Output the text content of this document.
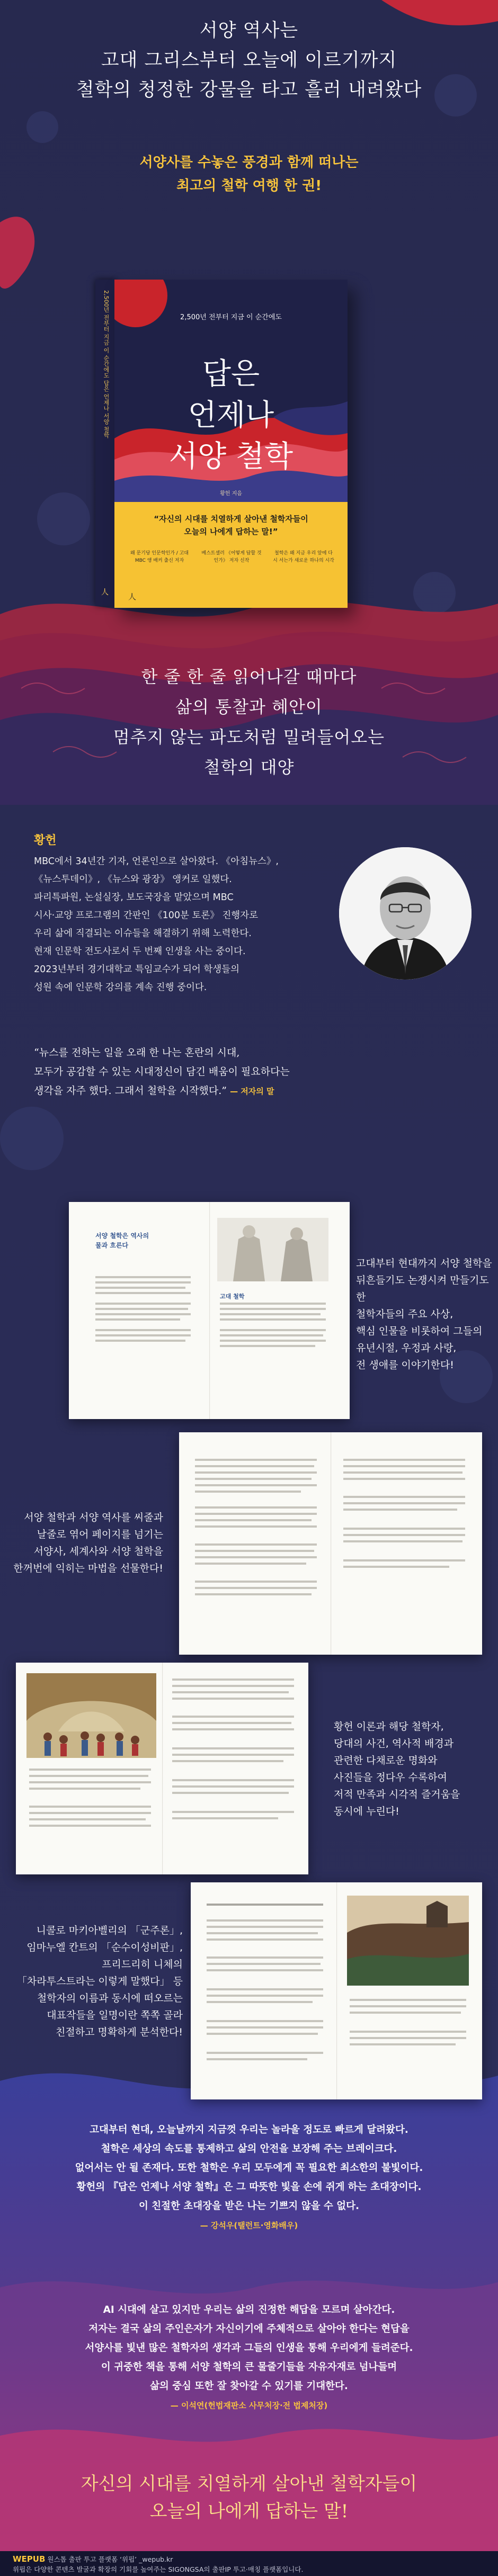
서양 역사는
고대 그리스부터 오늘에 이르기까지
철학의 청정한 강물을 타고 흘러 내려왔다
서양사를 수놓은 풍경과 함께 떠나는
최고의 철학 여행 한 권!
2,500년 전부터 지금 이 순간에도 답은 언제나 서양 철학
人
2,500년 전부터 지금 이 순간에도
답은
언제나
서양 철학
황헌 지음
“자신의 시대를 치열하게 살아낸 철학자들이
오늘의 나에게 답하는 말!”
왜 문기당 인문학인가 / 고대 MBC 앵 배커 출신 저자
베스트셀러 《어떻게 답할 것인가》 저자 신작
철학은 왜 지금 우리 앞에 다시 서는가 새로운 하나의 시각
人
한 줄 한 줄 읽어나갈 때마다
삶의 통찰과 혜안이
멈추지 않는 파도처럼 밀려들어오는
철학의 대양
황헌
MBC에서 34년간 기자, 언론인으로 살아왔다. 《아침뉴스》,
《뉴스투데이》, 《뉴스와 광장》 앵커로 일했다.
파리특파원, 논설실장, 보도국장을 맡았으며 MBC
시사·교양 프로그램의 간판인 《100분 토론》 진행자로
우리 삶에 직결되는 이슈들을 해결하기 위해 노력한다.
현재 인문학 전도사로서 두 번째 인생을 사는 중이다.
2023년부터 경기대학교 특임교수가 되어 학생들의
성원 속에 인문학 강의를 계속 진행 중이다.
“뉴스를 전하는 일을 오래 한 나는 혼란의 시대,
모두가 공감할 수 있는 시대정신이 담긴 배움이 필요하다는
생각을 자주 했다. 그래서 철학을 시작했다.” — 저자의 말
서양 철학은 역사의 물과 흐른다
고대 철학
고대부터 현대까지 서양 철학을
뒤흔들기도 논쟁시켜 만들기도 한
철학자들의 주요 사상,
핵심 인물을 비롯하여 그들의
유년시절, 우정과 사랑,
전 생애를 이야기한다!
서양 철학과 서양 역사를 씨줄과
날줄로 엮어 페이지를 넘기는
서양사, 세계사와 서양 철학을
한꺼번에 익히는 마법을 선물한다!
황헌 이론과 해당 철학자,
당대의 사건, 역사적 배경과
관련한 다채로운 명화와
사진들을 정다우 수록하여
저적 만족과 시각적 즐거움을
동시에 누린다!
니콜로 마키아벨리의 「군주론」,
임마누엘 칸트의 「순수이성비판」,
프리드리히 니체의
「차라투스트라는 이렇게 말했다」 등
철학자의 이름과 동시에 떠오르는
대표작들을 일명이란 쪽쪽 골라
친절하고 명확하게 분석한다!
고대부터 현대, 오늘날까지 지금껏 우리는 놀라울 정도로 빠르게 달려왔다.
철학은 세상의 속도를 통제하고 삶의 안전을 보장해 주는 브레이크다.
없어서는 안 될 존재다. 또한 철학은 우리 모두에게 꼭 필요한 최소한의 불빛이다.
황헌의 『답은 언제나 서양 철학』은 그 따뜻한 빛을 손에 쥐게 하는 초대장이다.
이 친절한 초대장을 받은 나는 기쁘지 않을 수 없다.
— 강석우(탤런트·영화배우)
AI 시대에 살고 있지만 우리는 삶의 진정한 해답을 모르며 살아간다.
저자는 결국 삶의 주인은자가 자신이기에 주체적으로 살아야 한다는 현답을
서양사를 빛낸 많은 철학자의 생각과 그들의 인생을 통해 우리에게 들려준다.
이 귀중한 책을 통해 서양 철학의 큰 물줄기들을 자유자재로 넘나들며
삶의 중심 또한 잘 찾아갈 수 있기를 기대한다.
— 이석연(헌법재판소 사무처장·전 법제처장)
자신의 시대를 치열하게 살아낸 철학자들이
오늘의 나에게 답하는 말!
WEPUB 원스톱 출판 투고 플랫폼 ‘위펍’ _wepub.kr
위펍은 다양한 콘텐츠 발굴과 확장의 기회를 높여주는 SIGONGSA의 출판IP 투고·매칭 플랫폼입니다.
